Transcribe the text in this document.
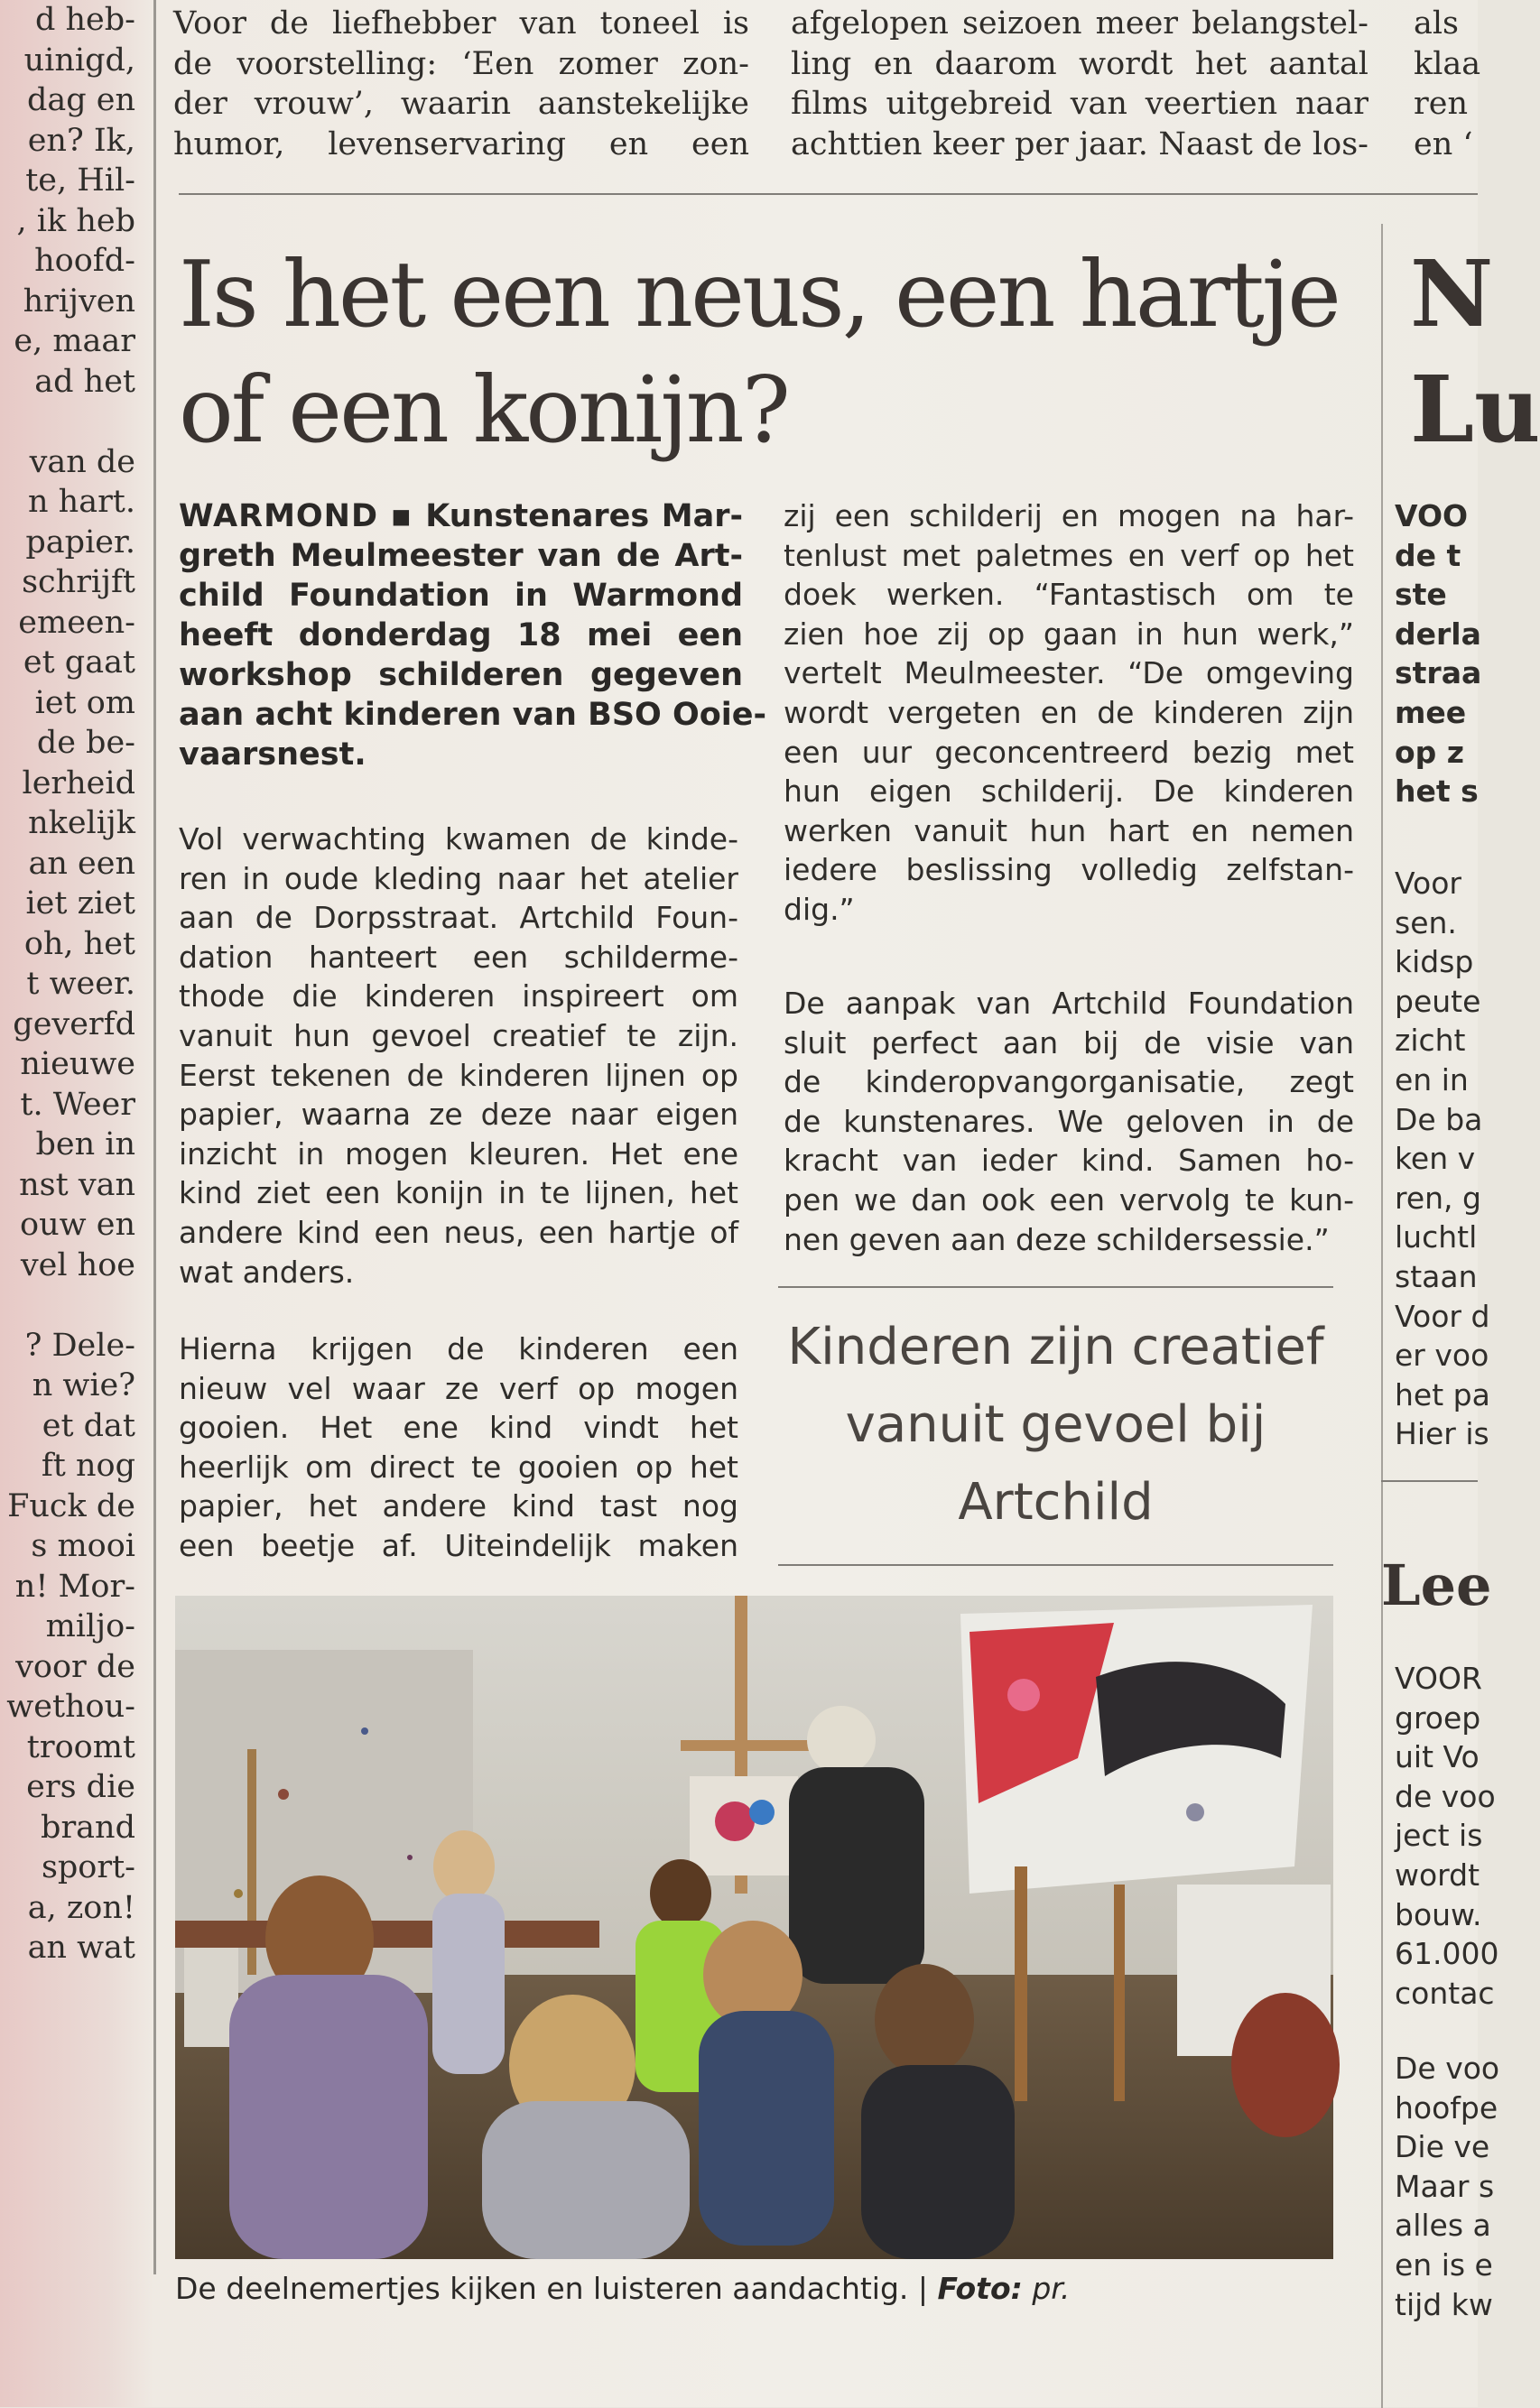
d heb-

uinigd,

dag en

en? Ik,

te, Hil-

, ik heb

hoofd-

hrijven

e, maar

ad het

van de

n hart.

papier.

schrijft

emeen-

et gaat

iet om

de be-

lerheid

nkelijk

an een

iet ziet

oh, het

t weer.

geverfd

nieuwe

t. Weer

ben in

nst van

ouw en

vel hoe

? Dele-

n wie?

et dat

ft nog

Fuck de

s mooi

n! Mor-

miljo-

voor de

wethou-

troomt

ers die

brand

sport-

a, zon!

an wat

Voor de liefhebber van toneel is

de voorstelling: ‘Een zomer zon-

der vrouw’, waarin aanstekelijke

humor, levenservaring en een

afgelopen seizoen meer belangstel-

ling en daarom wordt het aantal

films uitgebreid van veertien naar

achttien keer per jaar. Naast de los-

als

klaa

ren

en ‘

Is het een neus, een hartje
of een konijn?
N
Lu

WARMOND ▪ Kunstenares Mar-

greth Meulmeester van de Art-

child Foundation in Warmond

heeft donderdag 18 mei een

workshop schilderen gegeven

aan acht kinderen van BSO Ooie-

vaarsnest.

Vol verwachting kwamen de kinde-

ren in oude kleding naar het atelier

aan de Dorpsstraat. Artchild Foun-

dation hanteert een schilderme-

thode die kinderen inspireert om

vanuit hun gevoel creatief te zijn.

Eerst tekenen de kinderen lijnen op

papier, waarna ze deze naar eigen

inzicht in mogen kleuren. Het ene

kind ziet een konijn in te lijnen, het

andere kind een neus, een hartje of

wat anders.

Hierna krijgen de kinderen een

nieuw vel waar ze verf op mogen

gooien. Het ene kind vindt het

heerlijk om direct te gooien op het

papier, het andere kind tast nog

een beetje af. Uiteindelijk maken

zij een schilderij en mogen na har-

tenlust met paletmes en verf op het

doek werken. “Fantastisch om te

zien hoe zij op gaan in hun werk,”

vertelt Meulmeester. “De omgeving

wordt vergeten en de kinderen zijn

een uur geconcentreerd bezig met

hun eigen schilderij. De kinderen

werken vanuit hun hart en nemen

iedere beslissing volledig zelfstan-

dig.”

De aanpak van Artchild Foundation

sluit perfect aan bij de visie van

de kinderopvangorganisatie, zegt

de kunstenares. We geloven in de

kracht van ieder kind. Samen ho-

pen we dan ook een vervolg te kun-

nen geven aan deze schildersessie.”

Kinderen zijn creatief

vanuit gevoel bij

Artchild

VOO

de t

ste

derla

straa

mee

op z

het s

Voor

sen.

kidsp

peute

zicht

en in

De ba

ken v

ren, g

luchtl

staan

Voor d

er voo

het pa

Hier is

Lee

VOOR

groep

uit Vo

de voo

ject is

wordt

bouw.

61.000

contac

De voo

hoofpe

Die ve

Maar s

alles a

en is e

tijd kw

De deelnemertjes kijken en luisteren aandachtig. | Foto: pr.
